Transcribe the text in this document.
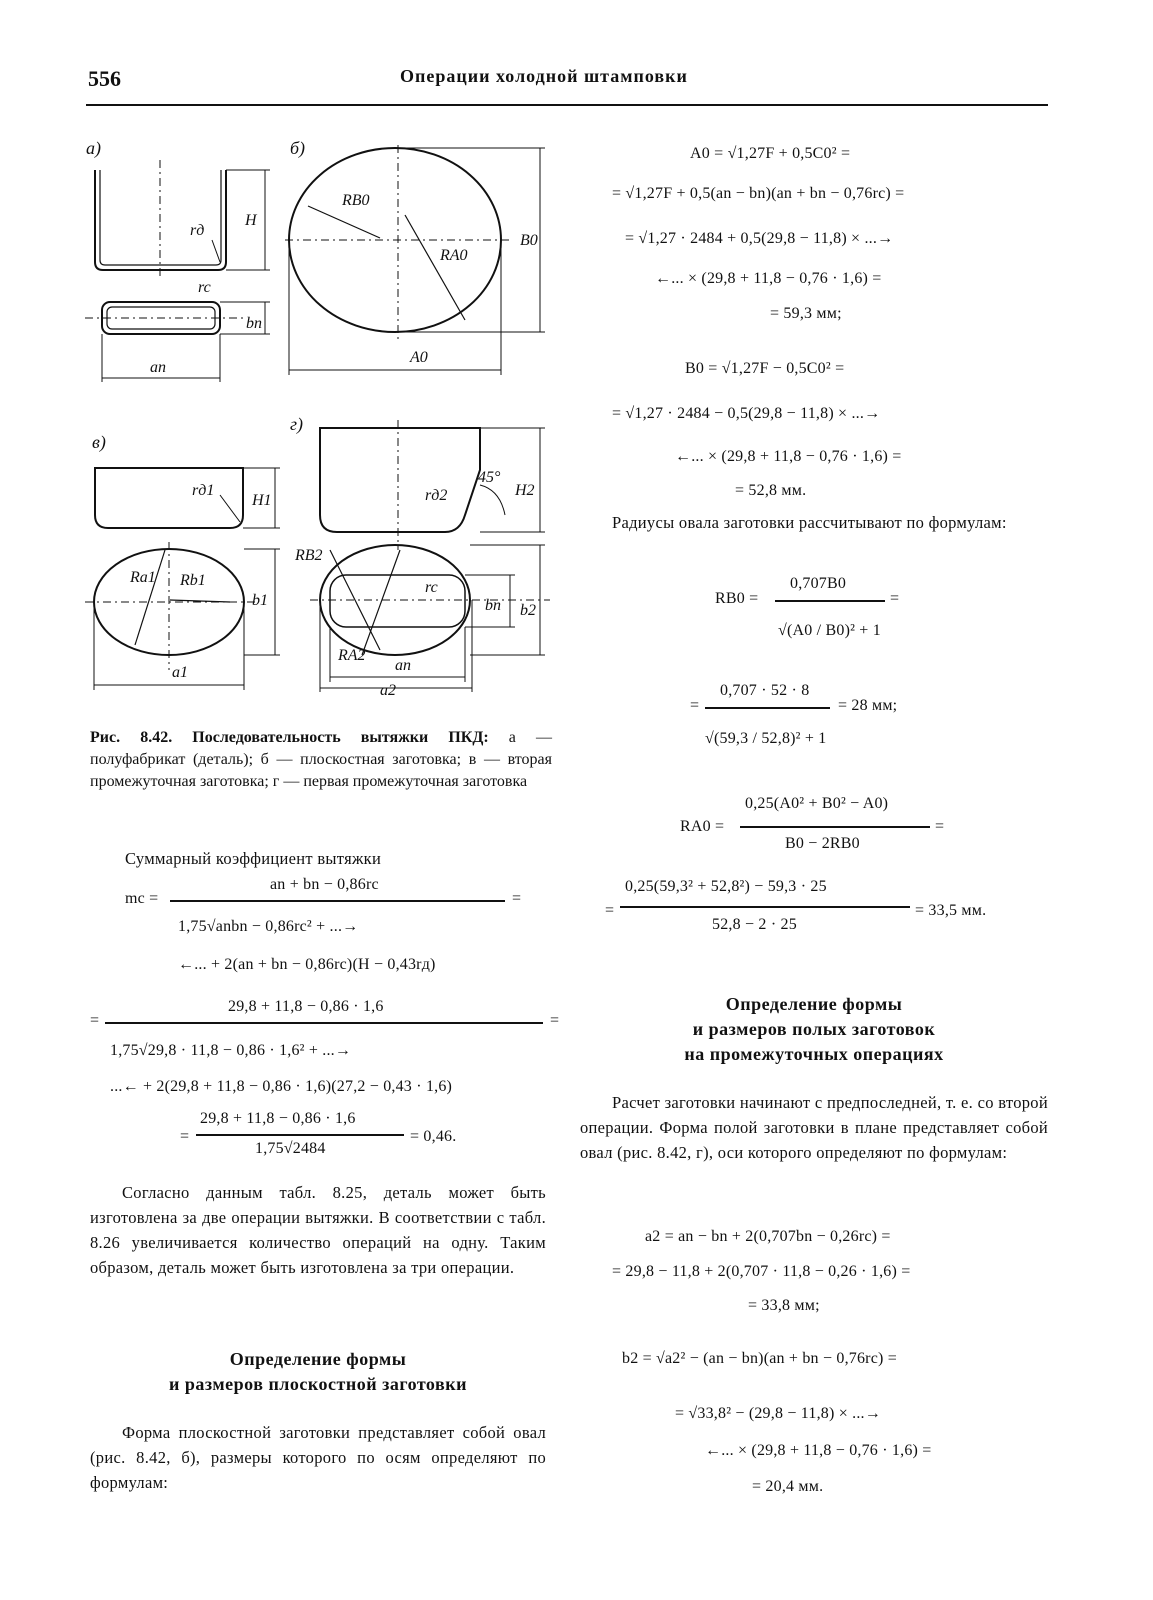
556	Операции холодной штамповки
а)	б)
в)
г)
rд
H
rc
bn
an
RB0
RA0
B0
A0
rд1
H1
Ra1 Rb1
b1
a1
rд2
45°
H2
RB2
RA2
rc
bn b2
an
a2
Рис. 8.42. Последовательность вытяжки ПКД: а — полуфабрикат (деталь); б — плоскостная заготовка; в — вторая промежуточная заготовка; г — первая промежуточная заготовка
Суммарный коэффициент вытяжки
mc =
an + bn − 0,86rc
=
1,75√anbn − 0,86rc² + ...→
←... + 2(an + bn − 0,86rc)(H − 0,43rд)
=
29,8 + 11,8 − 0,86 · 1,6
=
1,75√29,8 · 11,8 − 0,86 · 1,6² + ...→
...← + 2(29,8 + 11,8 − 0,86 · 1,6)(27,2 − 0,43 · 1,6)
=
29,8 + 11,8 − 0,86 · 1,6
1,75√2484
= 0,46.
Согласно данным табл. 8.25, деталь может быть изготовлена за две операции вытяжки. В соответствии с табл. 8.26 увеличивается количество операций на одну. Таким образом, деталь может быть изготовлена за три операции.
Определение формы
и размеров плоскостной заготовки
Форма плоскостной заготовки представляет собой овал (рис. 8.42, б), размеры которого по осям определяют по формулам:
A0 = √1,27F + 0,5C0² =
= √1,27F + 0,5(an − bn)(an + bn − 0,76rc) =
= √1,27 · 2484 + 0,5(29,8 − 11,8) × ...→
←... × (29,8 + 11,8 − 0,76 · 1,6) =
= 59,3 мм;
B0 = √1,27F − 0,5C0² =
= √1,27 · 2484 − 0,5(29,8 − 11,8) × ...→
←... × (29,8 + 11,8 − 0,76 · 1,6) =
= 52,8 мм.
Радиусы овала заготовки рассчитывают по формулам:
RB0 =
0,707B0
=
√(A0 / B0)² + 1
=
0,707 · 52 · 8
= 28 мм;
√(59,3 / 52,8)² + 1
RA0 =
0,25(A0² + B0² − A0)
=
B0 − 2RB0
=
0,25(59,3² + 52,8²) − 59,3 · 25
= 33,5 мм.
52,8 − 2 · 25
Определение формы
и размеров полых заготовок
на промежуточных операциях
Расчет заготовки начинают с предпоследней, т. е. со второй операции. Форма полой заготовки в плане представляет собой овал (рис. 8.42, г), оси которого определяют по формулам:
a2 = an − bn + 2(0,707bn − 0,26rc) =
= 29,8 − 11,8 + 2(0,707 · 11,8 − 0,26 · 1,6) =
= 33,8 мм;
b2 = √a2² − (an − bn)(an + bn − 0,76rc) =
= √33,8² − (29,8 − 11,8) × ...→
←... × (29,8 + 11,8 − 0,76 · 1,6) =
= 20,4 мм.
